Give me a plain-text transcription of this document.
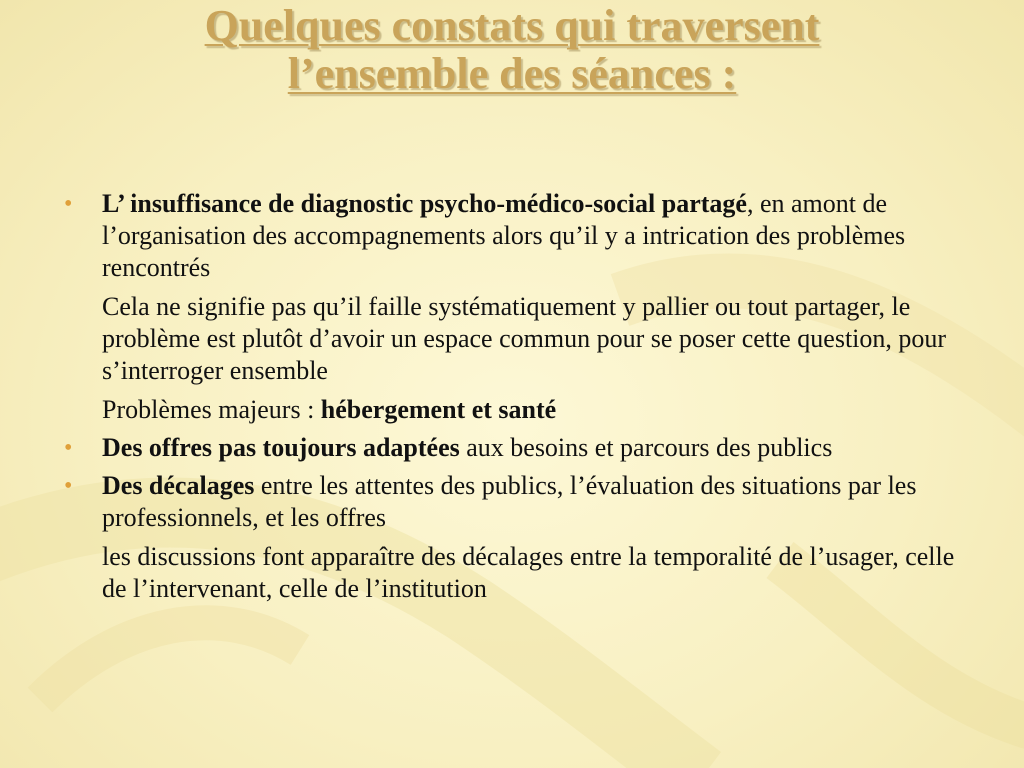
Quelques constats qui traversent
l’ensemble des séances :

• L’ insuffisance de diagnostic psycho-médico-social partagé, en amont de l’organisation des accompagnements alors qu’il y a intrication des problèmes rencontrés

Cela ne signifie pas qu’il faille systématiquement y pallier ou tout partager, le problème est plutôt d’avoir un espace commun pour se poser cette question, pour s’interroger ensemble

Problèmes majeurs : hébergement et santé

• Des offres pas toujours adaptées aux besoins et parcours des publics

• Des décalages entre les attentes des publics, l’évaluation des situations par les professionnels, et les offres

les discussions font apparaître des décalages entre la temporalité de l’usager, celle de l’intervenant, celle de l’institution
